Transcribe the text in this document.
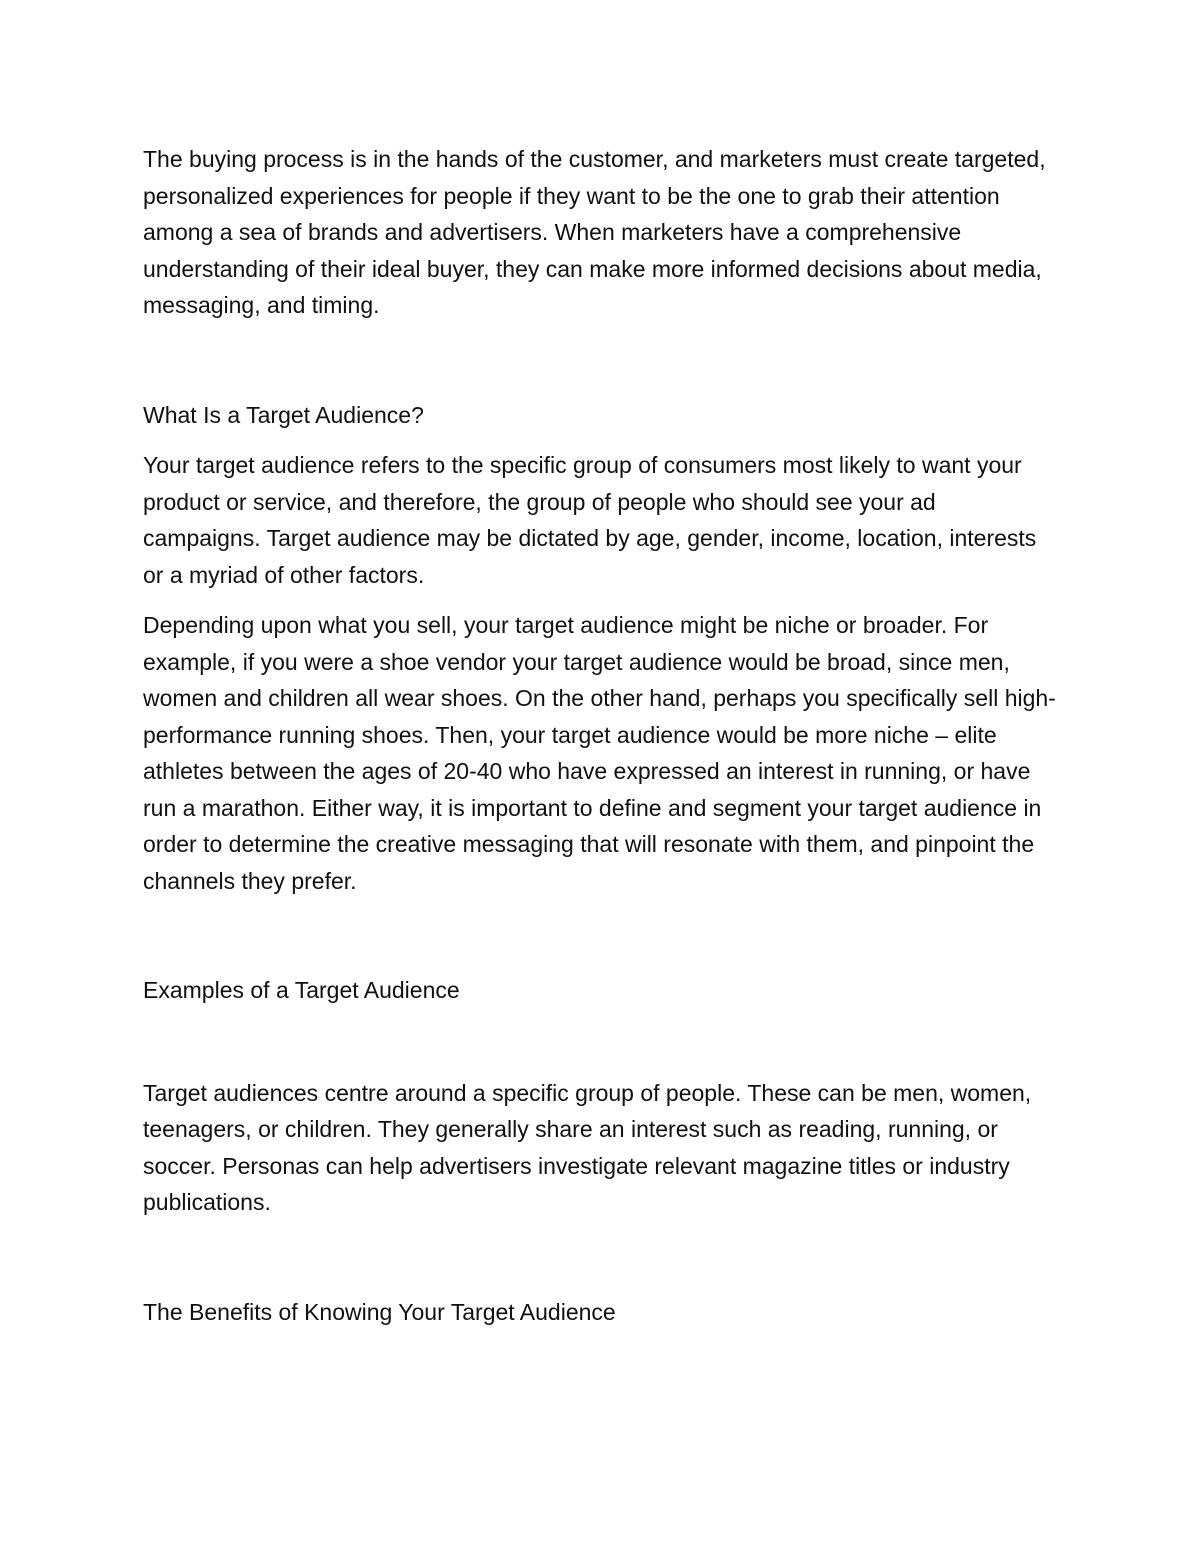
The buying process is in the hands of the customer, and marketers must create targeted, personalized experiences for people if they want to be the one to grab their attention among a sea of brands and advertisers. When marketers have a comprehensive understanding of their ideal buyer, they can make more informed decisions about media, messaging, and timing.

What Is a Target Audience?

Your target audience refers to the specific group of consumers most likely to want your product or service, and therefore, the group of people who should see your ad campaigns. Target audience may be dictated by age, gender, income, location, interests or a myriad of other factors.

Depending upon what you sell, your target audience might be niche or broader. For example, if you were a shoe vendor your target audience would be broad, since men, women and children all wear shoes. On the other hand, perhaps you specifically sell high-performance running shoes. Then, your target audience would be more niche – elite athletes between the ages of 20-40 who have expressed an interest in running, or have run a marathon. Either way, it is important to define and segment your target audience in order to determine the creative messaging that will resonate with them, and pinpoint the channels they prefer.

Examples of a Target Audience

Target audiences centre around a specific group of people. These can be men, women, teenagers, or children. They generally share an interest such as reading, running, or soccer. Personas can help advertisers investigate relevant magazine titles or industry publications.

The Benefits of Knowing Your Target Audience
